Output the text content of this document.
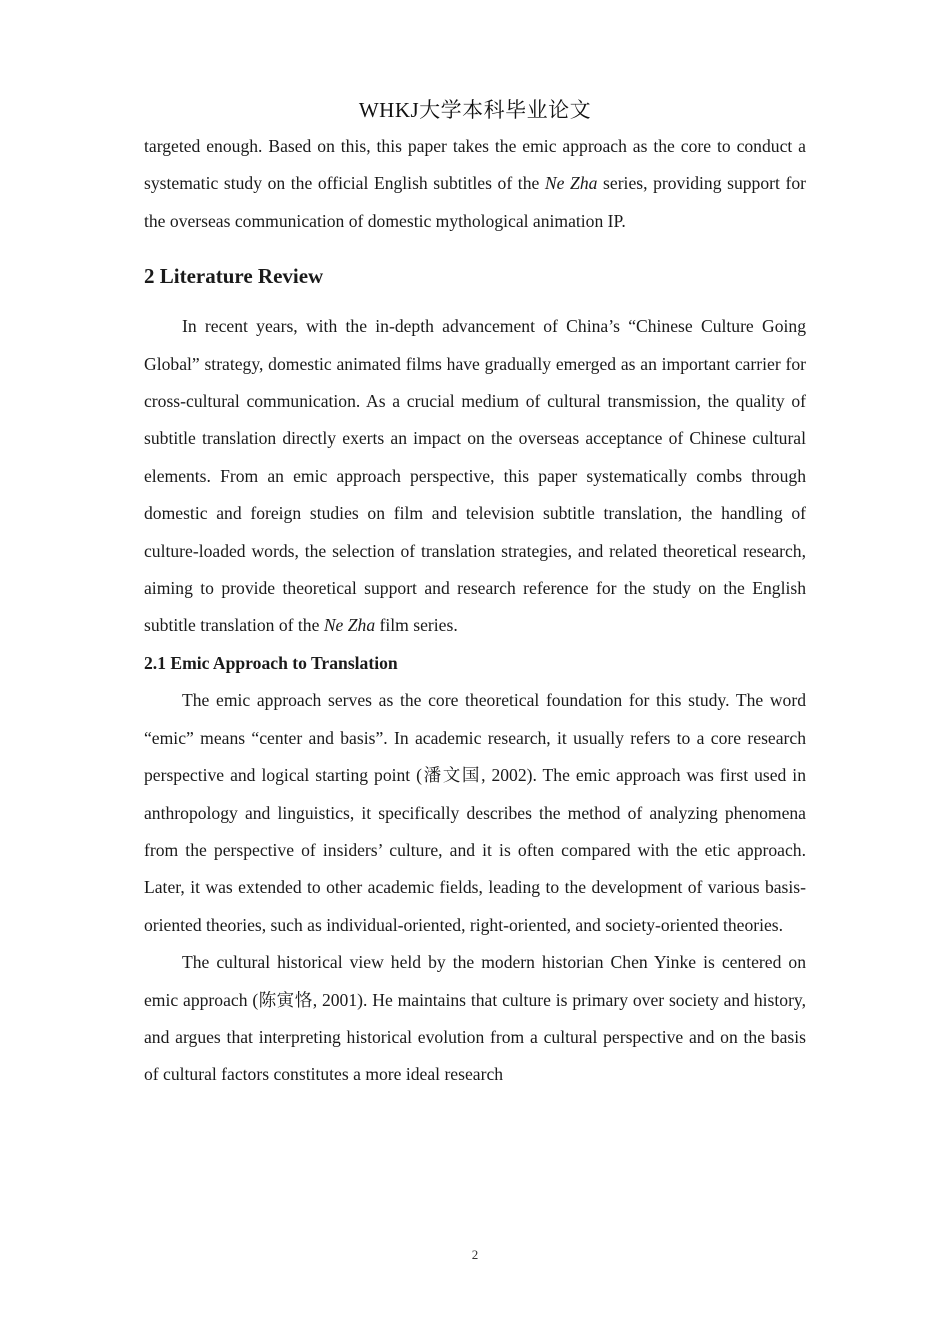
WHKJ大学本科毕业论文

targeted enough. Based on this, this paper takes the emic approach as the core to conduct a systematic study on the official English subtitles of the Ne Zha series, providing support for the overseas communication of domestic mythological animation IP.

2 Literature Review

In recent years, with the in-depth advancement of China’s “Chinese Culture Going Global” strategy, domestic animated films have gradually emerged as an important carrier for cross-cultural communication. As a crucial medium of cultural transmission, the quality of subtitle translation directly exerts an impact on the overseas acceptance of Chinese cultural elements. From an emic approach perspective, this paper systematically combs through domestic and foreign studies on film and television subtitle translation, the handling of culture-loaded words, the selection of translation strategies, and related theoretical research, aiming to provide theoretical support and research reference for the study on the English subtitle translation of the Ne Zha film series.

2.1 Emic Approach to Translation

The emic approach serves as the core theoretical foundation for this study. The word “emic” means “center and basis”. In academic research, it usually refers to a core research perspective and logical starting point (潘文国, 2002). The emic approach was first used in anthropology and linguistics, it specifically describes the method of analyzing phenomena from the perspective of insiders’ culture, and it is often compared with the etic approach. Later, it was extended to other academic fields, leading to the development of various basis-oriented theories, such as individual-oriented, right-oriented, and society-oriented theories.

The cultural historical view held by the modern historian Chen Yinke is centered on emic approach (陈寅恪, 2001). He maintains that culture is primary over society and history, and argues that interpreting historical evolution from a cultural perspective and on the basis of cultural factors constitutes a more ideal research

2
